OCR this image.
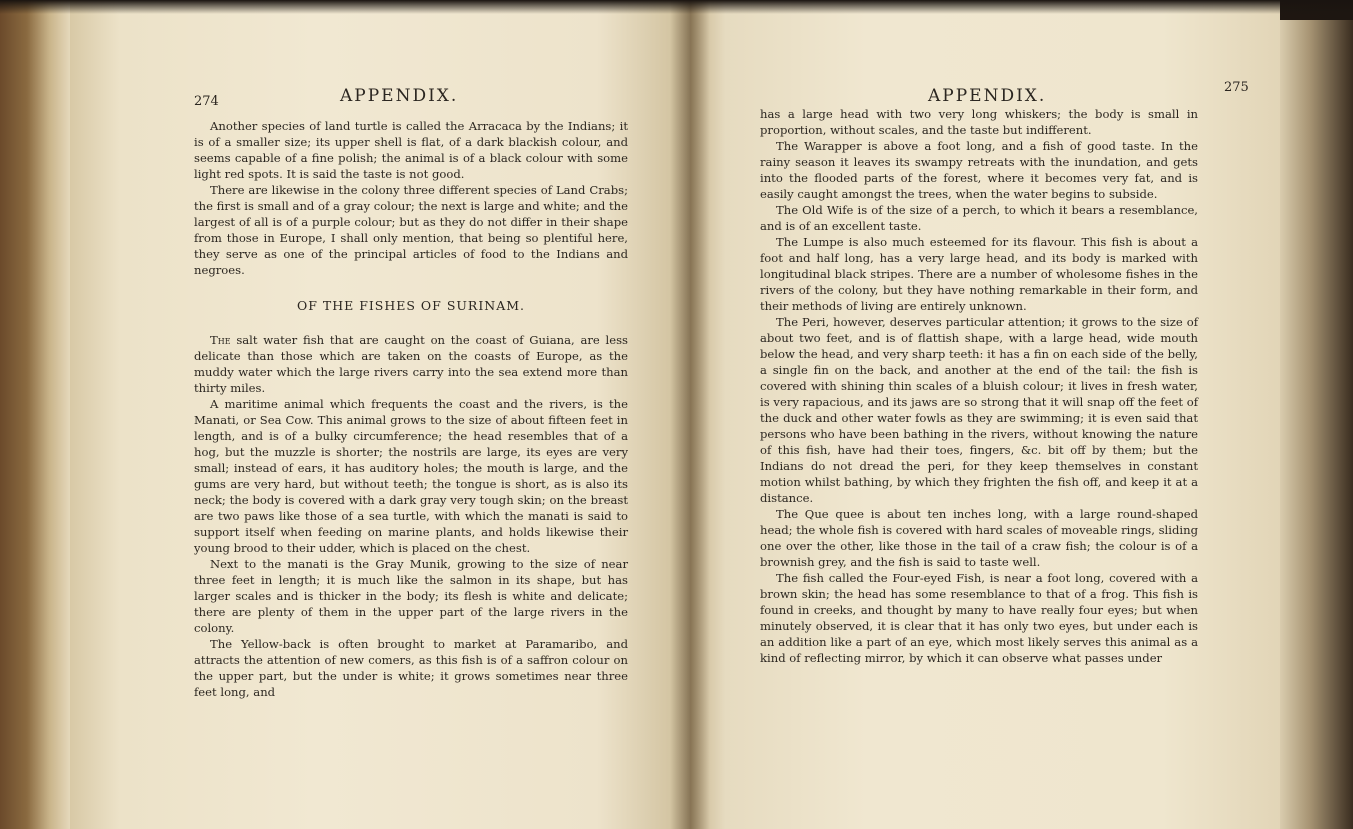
274	APPENDIX.

Another species of land turtle is called the Arracaca by the Indians; it is of a smaller size; its upper shell is flat, of a dark blackish colour, and seems capable of a fine polish; the animal is of a black colour with some light red spots. It is said the taste is not good.

There are likewise in the colony three different species of Land Crabs; the first is small and of a gray colour; the next is large and white; and the largest of all is of a purple colour; but as they do not differ in their shape from those in Europe, I shall only mention, that being so plentiful here, they serve as one of the principal articles of food to the Indians and negroes.

OF THE FISHES OF SURINAM.

The salt water fish that are caught on the coast of Guiana, are less delicate than those which are taken on the coasts of Europe, as the muddy water which the large rivers carry into the sea extend more than thirty miles.

A maritime animal which frequents the coast and the rivers, is the Manati, or Sea Cow. This animal grows to the size of about fifteen feet in length, and is of a bulky circumference; the head resembles that of a hog, but the muzzle is shorter; the nostrils are large, its eyes are very small; instead of ears, it has auditory holes; the mouth is large, and the gums are very hard, but without teeth; the tongue is short, as is also its neck; the body is covered with a dark gray very tough skin; on the breast are two paws like those of a sea turtle, with which the manati is said to support itself when feeding on marine plants, and holds likewise their young brood to their udder, which is placed on the chest.

Next to the manati is the Gray Munik, growing to the size of near three feet in length; it is much like the salmon in its shape, but has larger scales and is thicker in the body; its flesh is white and delicate; there are plenty of them in the upper part of the large rivers in the colony.

The Yellow-back is often brought to market at Paramaribo, and attracts the attention of new comers, as this fish is of a saffron colour on the upper part, but the under is white; it grows sometimes near three feet long, and

APPENDIX.	275

has a large head with two very long whiskers; the body is small in proportion, without scales, and the taste but indifferent.

The Warapper is above a foot long, and a fish of good taste. In the rainy season it leaves its swampy retreats with the inundation, and gets into the flooded parts of the forest, where it becomes very fat, and is easily caught amongst the trees, when the water begins to subside.

The Old Wife is of the size of a perch, to which it bears a resemblance, and is of an excellent taste.

The Lumpe is also much esteemed for its flavour. This fish is about a foot and half long, has a very large head, and its body is marked with longitudinal black stripes. There are a number of wholesome fishes in the rivers of the colony, but they have nothing remarkable in their form, and their methods of living are entirely unknown.

The Peri, however, deserves particular attention; it grows to the size of about two feet, and is of flattish shape, with a large head, wide mouth below the head, and very sharp teeth: it has a fin on each side of the belly, a single fin on the back, and another at the end of the tail: the fish is covered with shining thin scales of a bluish colour; it lives in fresh water, is very rapacious, and its jaws are so strong that it will snap off the feet of the duck and other water fowls as they are swimming; it is even said that persons who have been bathing in the rivers, without knowing the nature of this fish, have had their toes, fingers, &c. bit off by them; but the Indians do not dread the peri, for they keep themselves in constant motion whilst bathing, by which they frighten the fish off, and keep it at a distance.

The Que quee is about ten inches long, with a large round-shaped head; the whole fish is covered with hard scales of moveable rings, sliding one over the other, like those in the tail of a craw fish; the colour is of a brownish grey, and the fish is said to taste well.

The fish called the Four-eyed Fish, is near a foot long, covered with a brown skin; the head has some resemblance to that of a frog. This fish is found in creeks, and thought by many to have really four eyes; but when minutely observed, it is clear that it has only two eyes, but under each is an addition like a part of an eye, which most likely serves this animal as a kind of reflecting mirror, by which it can observe what passes under
